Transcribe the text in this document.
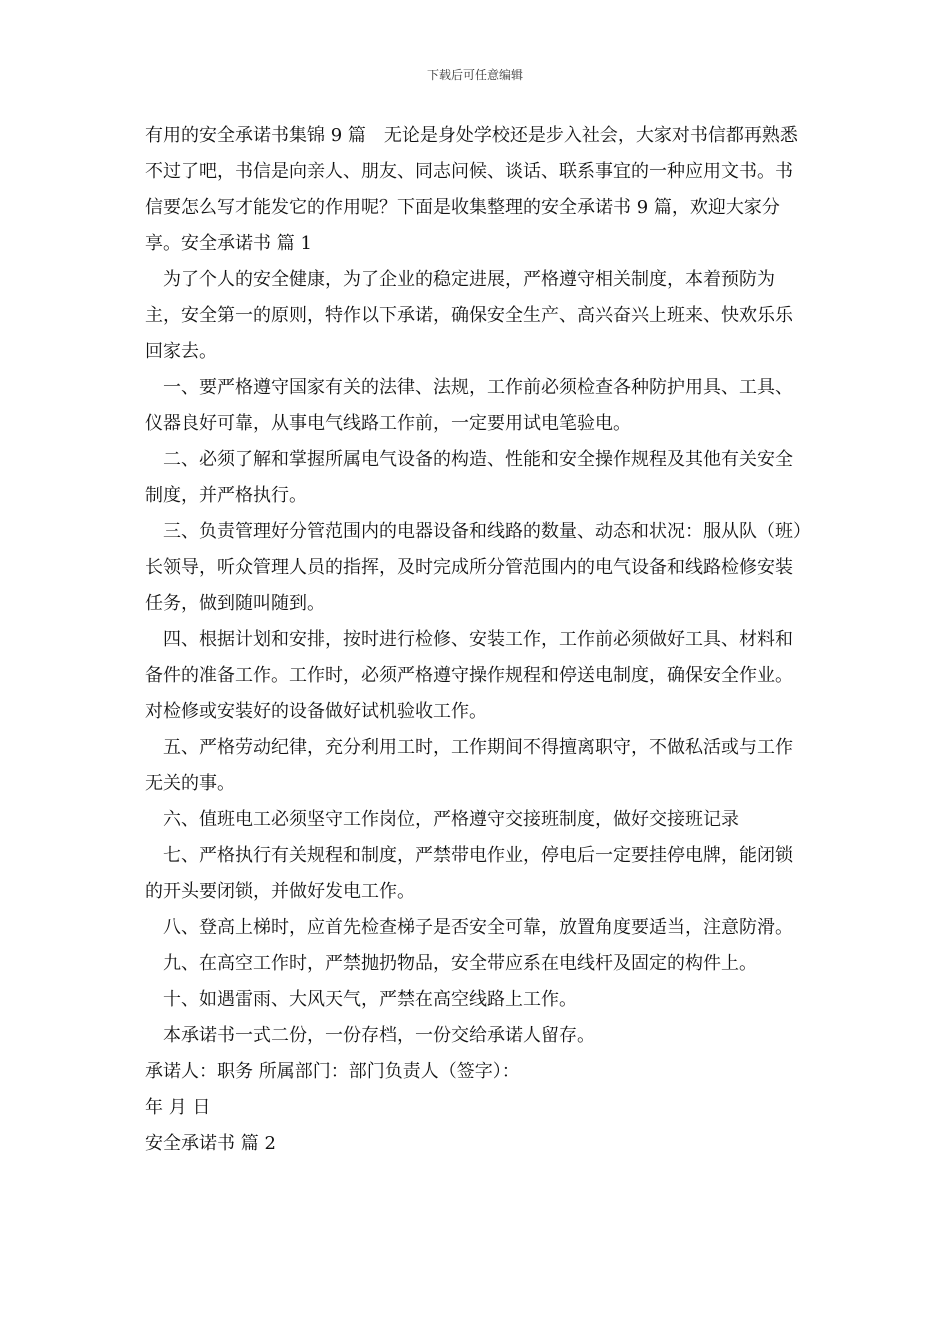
下载后可任意编辑

有用的安全承诺书集锦 9 篇　无论是身处学校还是步入社会，大家对书信都再熟悉不过了吧，书信是向亲人、朋友、同志问候、谈话、联系事宜的一种应用文书。书信要怎么写才能发它的作用呢？下面是收集整理的安全承诺书 9 篇，欢迎大家分享。安全承诺书 篇 1

为了个人的安全健康，为了企业的稳定进展，严格遵守相关制度，本着预防为主，安全第一的原则，特作以下承诺，确保安全生产、高兴奋兴上班来、快欢乐乐回家去。

一、要严格遵守国家有关的法律、法规，工作前必须检查各种防护用具、工具、仪器良好可靠，从事电气线路工作前，一定要用试电笔验电。

二、必须了解和掌握所属电气设备的构造、性能和安全操作规程及其他有关安全制度，并严格执行。

三、负责管理好分管范围内的电器设备和线路的数量、动态和状况：服从队（班）长领导，听众管理人员的指挥，及时完成所分管范围内的电气设备和线路检修安装任务，做到随叫随到。

四、根据计划和安排，按时进行检修、安装工作，工作前必须做好工具、材料和备件的准备工作。工作时，必须严格遵守操作规程和停送电制度，确保安全作业。对检修或安装好的设备做好试机验收工作。

五、严格劳动纪律，充分利用工时，工作期间不得擅离职守，不做私活或与工作无关的事。

六、值班电工必须坚守工作岗位，严格遵守交接班制度，做好交接班记录

七、严格执行有关规程和制度，严禁带电作业，停电后一定要挂停电牌，能闭锁的开头要闭锁，并做好发电工作。

八、登高上梯时，应首先检查梯子是否安全可靠，放置角度要适当，注意防滑。

九、在高空工作时，严禁抛扔物品，安全带应系在电线杆及固定的构件上。

十、如遇雷雨、大风天气，严禁在高空线路上工作。

本承诺书一式二份，一份存档，一份交给承诺人留存。

承诺人：职务 所属部门：部门负责人（签字）：

年 月 日

安全承诺书 篇 2
